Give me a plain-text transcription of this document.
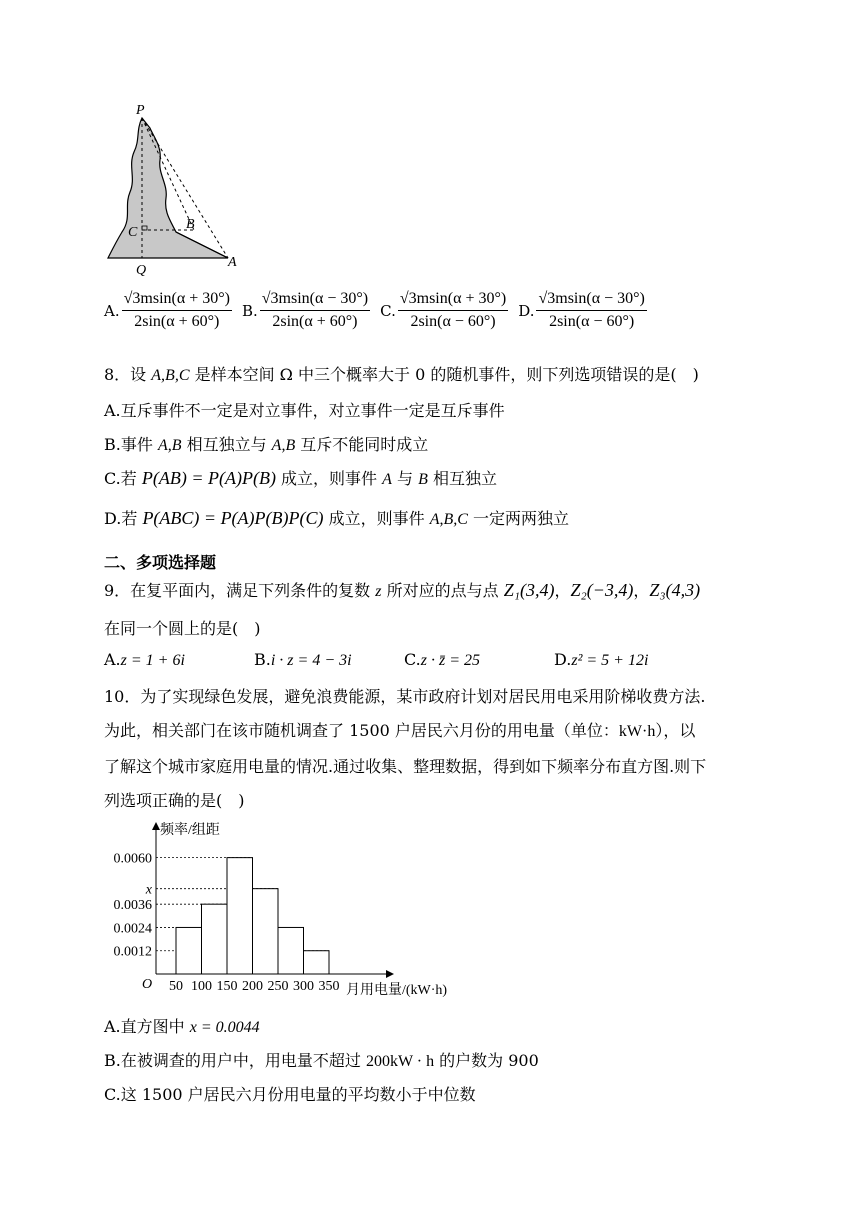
P
B
C
Q
A
A. $\frac{√3msin(\alpha + 30^\circ)}{2\sin(\alpha + 60^\circ)} B$. $\frac{√3msin(\alpha - 30^\circ)}{2\sin(\alpha + 60^\circ)} C$. $\frac{√3msin(\alpha + 30^\circ)}{2\sin(\alpha - 60^\circ)} D$. $\frac{√3msin(\alpha - 30^\circ)}{2\sin(\alpha - 60^\circ)}$
8．设 A,B,C 是样本空间 Ω 中三个概率大于 0 的随机事件，则下列选项错误的是(　)
A.互斥事件不一定是对立事件，对立事件一定是互斥事件
B.事件 A,B 相互独立与 A,B 互斥不能同时成立
C.若 P(AB) = P(A)P(B) 成立，则事件 A 与 B 相互独立
D.若 P(ABC) = P(A)P(B)P(C) 成立，则事件 A,B,C 一定两两独立
二、多项选择题
9．在复平面内，满足下列条件的复数 z 所对应的点与点 Z₁(3,4)，Z₂(−3,4)，Z₃(4,3)
在同一个圆上的是(　)
A.z = 1 + 6i	B.i · z = 4 − 3i	C.z · z̄ = 25	D.z² = 5 + 12i
10．为了实现绿色发展，避免浪费能源，某市政府计划对居民用电采用阶梯收费方法.
为此，相关部门在该市随机调查了 1500 户居民六月份的用电量（单位：kW·h），以
了解这个城市家庭用电量的情况.通过收集、整理数据，得到如下频率分布直方图.则下
列选项正确的是(　)
0.0060
x
0.0036
0.0024
0.0012
50 100 150 200 250 300 350
频率/组距
O	月用电量/(kW·h)
A.直方图中 x = 0.0044
B.在被调查的用户中，用电量不超过 200kW · h 的户数为 900
C.这 1500 户居民六月份用电量的平均数小于中位数
